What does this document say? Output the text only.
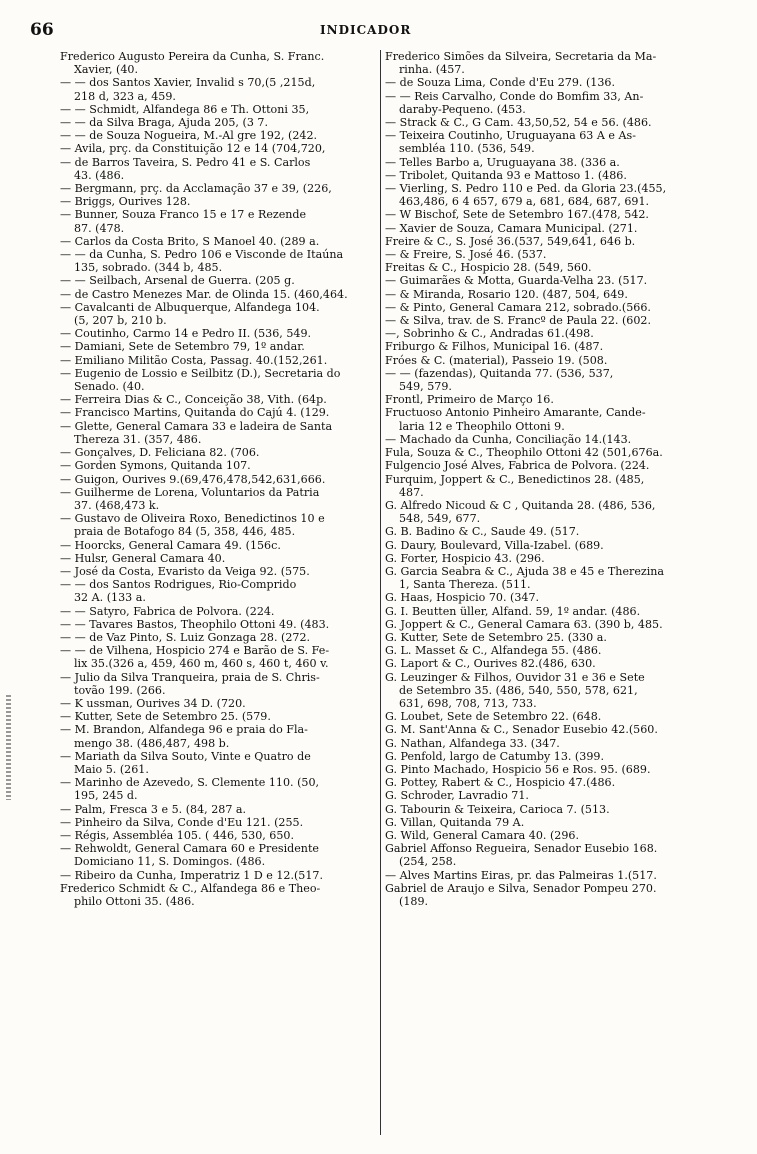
66	INDICADOR
Frederico Augusto Pereira da Cunha, S. Franc.
Xavier, (40.
— — dos Santos Xavier, Invalid s 70,(5 ,215d,
218 d, 323 a, 459.
— — Schmidt, Alfandega 86 e Th. Ottoni 35,
— — da Silva Braga, Ajuda 205, (3 7.
— — de Souza Nogueira, M.-Al gre 192, (242.
— Avila, prç. da Constituição 12 e 14 (704,720,
— de Barros Taveira, S. Pedro 41 e S. Carlos
43. (486.
— Bergmann, prç. da Acclamação 37 e 39, (226,
— Briggs, Ourives 128.
— Bunner, Souza Franco 15 e 17 e Rezende
87. (478.
— Carlos da Costa Brito, S Manoel 40. (289 a.
— — da Cunha, S. Pedro 106 e Visconde de Itaúna
135, sobrado. (344 b, 485.
— — Seilbach, Arsenal de Guerra. (205 g.
— de Castro Menezes Mar. de Olinda 15. (460,464.
— Cavalcanti de Albuquerque, Alfandega 104.
(5, 207 b, 210 b.
— Coutinho, Carmo 14 e Pedro II. (536, 549.
— Damiani, Sete de Setembro 79, 1º andar.
— Emiliano Militão Costa, Passag. 40.(152,261.
— Eugenio de Lossio e Seilbitz (D.), Secretaria do
Senado. (40.
— Ferreira Dias & C., Conceição 38, Vith. (64p.
— Francisco Martins, Quitanda do Cajú 4. (129.
— Glette, General Camara 33 e ladeira de Santa
Thereza 31. (357, 486.
— Gonçalves, D. Feliciana 82. (706.
— Gorden Symons, Quitanda 107.
— Guigon, Ourives 9.(69,476,478,542,631,666.
— Guilherme de Lorena, Voluntarios da Patria
37. (468,473 k.
— Gustavo de Oliveira Roxo, Benedictinos 10 e
praia de Botafogo 84 (5, 358, 446, 485.
— Hoorcks, General Camara 49. (156c.
— Hulsr, General Camara 40.
— José da Costa, Evaristo da Veiga 92. (575.
— — dos Santos Rodrigues, Rio-Comprido
32 A. (133 a.
— — Satyro, Fabrica de Polvora. (224.
— — Tavares Bastos, Theophilo Ottoni 49. (483.
— — de Vaz Pinto, S. Luiz Gonzaga 28. (272.
— — de Vilhena, Hospicio 274 e Barão de S. Fe-
lix 35.(326 a, 459, 460 m, 460 s, 460 t, 460 v.
— Julio da Silva Tranqueira, praia de S. Chris-
tovão 199. (266.
— K ussman, Ourives 34 D. (720.
— Kutter, Sete de Setembro 25. (579.
— M. Brandon, Alfandega 96 e praia do Fla-
mengo 38. (486,487, 498 b.
— Mariath da Silva Souto, Vinte e Quatro de
Maio 5. (261.
— Marinho de Azevedo, S. Clemente 110. (50,
195, 245 d.
— Palm, Fresca 3 e 5. (84, 287 a.
— Pinheiro da Silva, Conde d'Eu 121. (255.
— Régis, Assembléa 105. ( 446, 530, 650.
— Rehwoldt, General Camara 60 e Presidente
Domiciano 11, S. Domingos. (486.
— Ribeiro da Cunha, Imperatriz 1 D e 12.(517.
Frederico Schmidt & C., Alfandega 86 e Theo-
philo Ottoni 35. (486.
Frederico Simões da Silveira, Secretaria da Ma-
rinha. (457.
— de Souza Lima, Conde d'Eu 279. (136.
— — Reis Carvalho, Conde do Bomfim 33, An-
daraby-Pequeno. (453.
— Strack & C., G Cam. 43,50,52, 54 e 56. (486.
— Teixeira Coutinho, Uruguayana 63 A e As-
sembléa 110. (536, 549.
— Telles Barbo a, Uruguayana 38. (336 a.
— Tribolet, Quitanda 93 e Mattoso 1. (486.
— Vierling, S. Pedro 110 e Ped. da Gloria 23.(455,
463,486, 6 4 657, 679 a, 681, 684, 687, 691.
— W Bischof, Sete de Setembro 167.(478, 542.
— Xavier de Souza, Camara Municipal. (271.
Freire & C., S. José 36.(537, 549,641, 646 b.
— & Freire, S. José 46. (537.
Freitas & C., Hospicio 28. (549, 560.
— Guimarães & Motta, Guarda-Velha 23. (517.
— & Miranda, Rosario 120. (487, 504, 649.
— & Pinto, General Camara 212, sobrado.(566.
— & Silva, trav. de S. Francº de Paula 22. (602.
—, Sobrinho & C., Andradas 61.(498.
Friburgo & Filhos, Municipal 16. (487.
Fróes & C. (material), Passeio 19. (508.
— — (fazendas), Quitanda 77. (536, 537,
549, 579.
Frontl, Primeiro de Março 16.
Fructuoso Antonio Pinheiro Amarante, Cande-
laria 12 e Theophilo Ottoni 9.
— Machado da Cunha, Conciliação 14.(143.
Fula, Souza & C., Theophilo Ottoni 42 (501,676a.
Fulgencio José Alves, Fabrica de Polvora. (224.
Furquim, Joppert & C., Benedictinos 28. (485,
487.
G. Alfredo Nicoud & C , Quitanda 28. (486, 536,
548, 549, 677.
G. B. Badino & C., Saude 49. (517.
G. Daury, Boulevard, Villa-Izabel. (689.
G. Forter, Hospicio 43. (296.
G. Garcia Seabra & C., Ajuda 38 e 45 e Therezina
1, Santa Thereza. (511.
G. Haas, Hospicio 70. (347.
G. I. Beutten üller, Alfand. 59, 1º andar. (486.
G. Joppert & C., General Camara 63. (390 b, 485.
G. Kutter, Sete de Setembro 25. (330 a.
G. L. Masset & C., Alfandega 55. (486.
G. Laport & C., Ourives 82.(486, 630.
G. Leuzinger & Filhos, Ouvidor 31 e 36 e Sete
de Setembro 35. (486, 540, 550, 578, 621,
631, 698, 708, 713, 733.
G. Loubet, Sete de Setembro 22. (648.
G. M. Sant'Anna & C., Senador Eusebio 42.(560.
G. Nathan, Alfandega 33. (347.
G. Penfold, largo de Catumby 13. (399.
G. Pinto Machado, Hospicio 56 e Ros. 95. (689.
G. Pottey, Rabert & C., Hospicio 47.(486.
G. Schroder, Lavradio 71.
G. Tabourin & Teixeira, Carioca 7. (513.
G. Villan, Quitanda 79 A.
G. Wild, General Camara 40. (296.
Gabriel Affonso Regueira, Senador Eusebio 168.
(254, 258.
— Alves Martins Eiras, pr. das Palmeiras 1.(517.
Gabriel de Araujo e Silva, Senador Pompeu 270.
(189.
